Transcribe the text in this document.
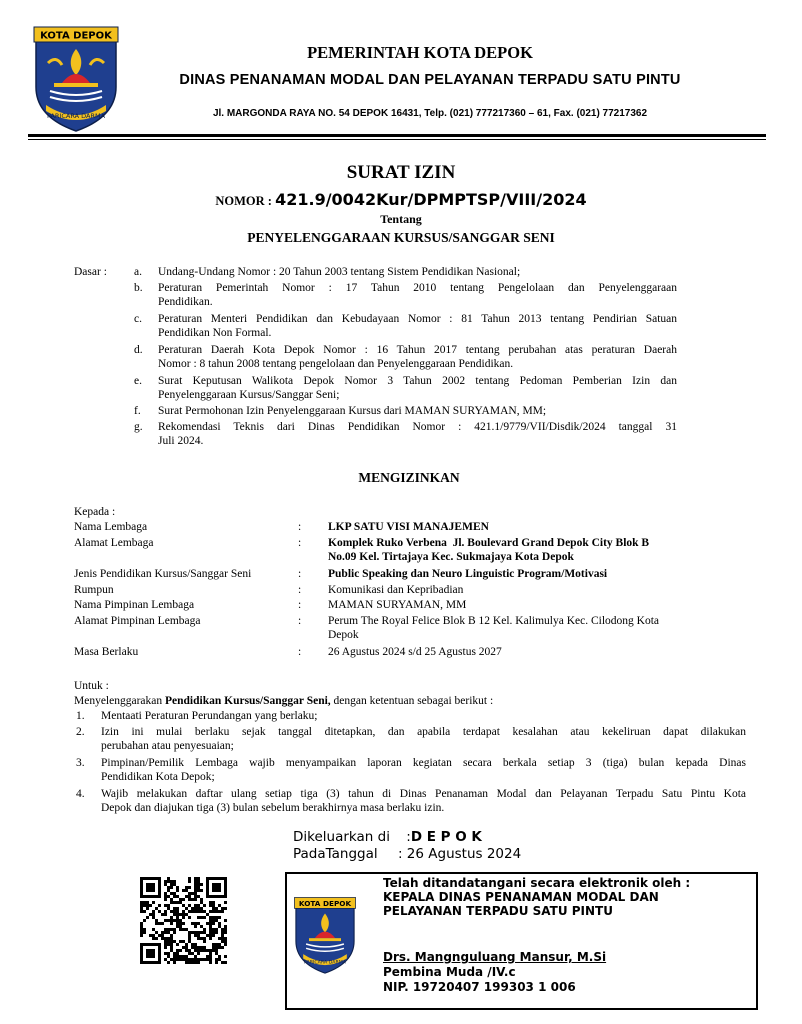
KOTA DEPOK
PARICARA DARMA
PEMERINTAH KOTA DEPOK
DINAS PENANAMAN MODAL DAN PELAYANAN TERPADU SATU PINTU
Jl. MARGONDA RAYA NO. 54 DEPOK 16431, Telp. (021) 777217360 – 61, Fax. (021) 77217362
SURAT IZIN
NOMOR : 421.9/0042Kur/DPMPTSP/VIII/2024
Tentang
PENYELENGGARAAN KURSUS/SANGGAR SENI
Dasar : a.	Undang-Undang Nomor : 20 Tahun 2003 tentang Sistem Pendidikan Nasional;
b.	Peraturan Pemerintah Nomor : 17 Tahun 2010 tentang Pengelolaan dan Penyelenggaraan
Pendidikan.
c.	Peraturan Menteri Pendidikan dan Kebudayaan Nomor : 81 Tahun 2013 tentang Pendirian Satuan
Pendidikan Non Formal.
d.	Peraturan Daerah Kota Depok Nomor : 16 Tahun 2017 tentang perubahan atas peraturan Daerah
Nomor : 8 tahun 2008 tentang pengelolaan dan Penyelenggaraan Pendidikan.
e.	Surat Keputusan Walikota Depok Nomor 3 Tahun 2002 tentang Pedoman Pemberian Izin dan
Penyelenggaraan Kursus/Sanggar Seni;
f.	Surat Permohonan Izin Penyelenggaraan Kursus dari MAMAN SURYAMAN, MM;
g.	Rekomendasi Teknis dari Dinas Pendidikan Nomor : 421.1/9779/VII/Disdik/2024 tanggal 31
Juli 2024.
MENGIZINKAN
Kepada :
Nama Lembaga	: LKP SATU VISI MANAJEMEN
Alamat Lembaga	: Komplek Ruko Verbena  Jl. Boulevard Grand Depok City Blok B
No.09 Kel. Tirtajaya Kec. Sukmajaya Kota Depok
Jenis Pendidikan Kursus/Sanggar Seni	: Public Speaking dan Neuro Linguistic Program/Motivasi
Rumpun	: Komunikasi dan Kepribadian
Nama Pimpinan Lembaga	: MAMAN SURYAMAN, MM
Alamat Pimpinan Lembaga	: Perum The Royal Felice Blok B 12 Kel. Kalimulya Kec. Cilodong Kota
Depok
Masa Berlaku	: 26 Agustus 2024 s/d 25 Agustus 2027
Untuk :
Menyelenggarakan Pendidikan Kursus/Sanggar Seni, dengan ketentuan sebagai berikut :
1.	Mentaati Peraturan Perundangan yang berlaku;
2.	Izin ini mulai berlaku sejak tanggal ditetapkan, dan apabila terdapat kesalahan atau kekeliruan dapat dilakukan
perubahan atau penyesuaian;
3.	Pimpinan/Pemilik Lembaga wajib menyampaikan laporan kegiatan secara berkala setiap 3 (tiga) bulan kepada Dinas
Pendidikan Kota Depok;
4.	Wajib melakukan daftar ulang setiap tiga (3) tahun di Dinas Penanaman Modal dan Pelayanan Terpadu Satu Pintu Kota
Depok dan diajukan tiga (3) bulan sebelum berakhirnya masa berlaku izin.
Dikeluarkan di :D E P O K
PadaTanggal : 26 Agustus 2024
KOTA DEPOK
PARICARA DARMA
Telah ditandatangani secara elektronik oleh :
KEPALA DINAS PENANAMAN MODAL DAN
PELAYANAN TERPADU SATU PINTU
Drs. Mangnguluang Mansur, M.Si
Pembina Muda /IV.c
NIP. 19720407 199303 1 006
